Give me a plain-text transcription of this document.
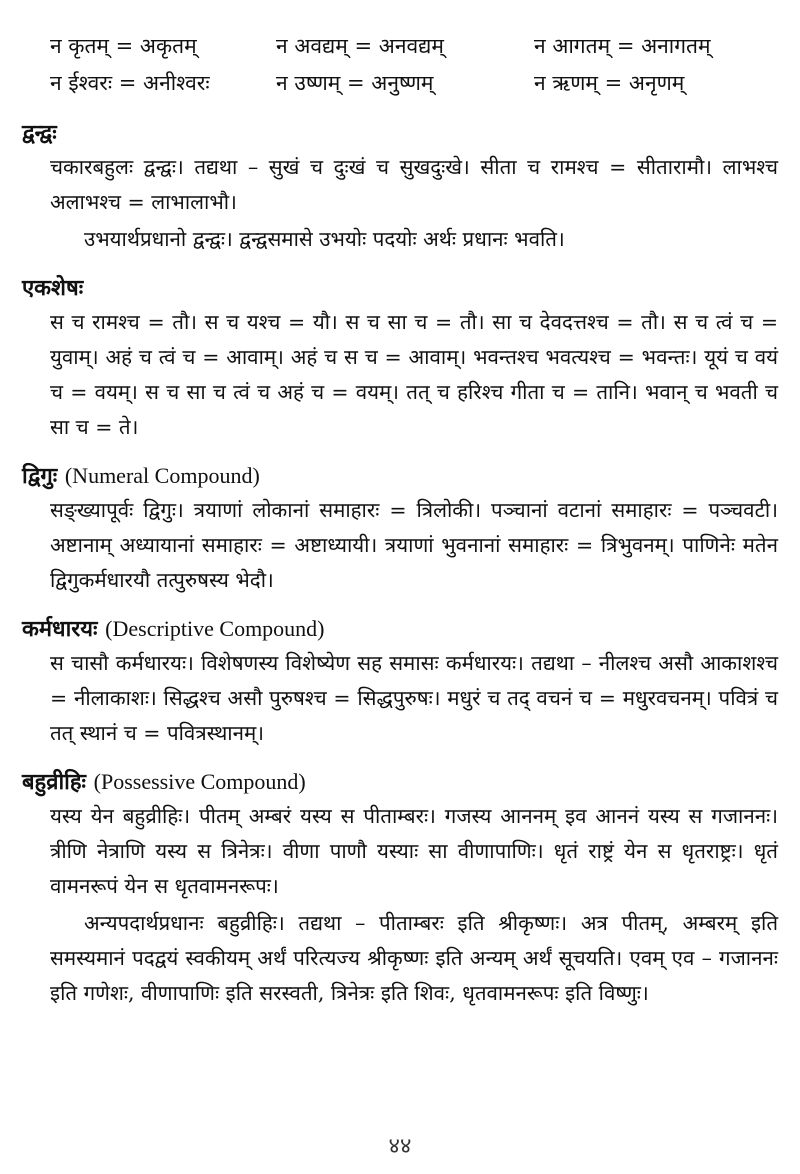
न कृतम् = अकृतम्	न अवद्यम् = अनवद्यम्	न आगतम् = अनागतम्
न ईश्वरः = अनीश्वरः	न उष्णम् = अनुष्णम्	न ऋणम् = अनृणम्
द्वन्द्वः

चकारबहुलः द्वन्द्वः। तद्यथा – सुखं च दुःखं च सुखदुःखे। सीता च रामश्च = सीतारामौ। लाभश्च अलाभश्च = लाभालाभौ।

उभयार्थप्रधानो द्वन्द्वः। द्वन्द्वसमासे उभयोः पदयोः अर्थः प्रधानः भवति।

एकशेषः

स च रामश्च = तौ। स च यश्च = यौ। स च सा च = तौ। सा च देवदत्तश्च = तौ। स च त्वं च = युवाम्। अहं च त्वं च = आवाम्। अहं च स च = आवाम्। भवन्तश्च भवत्यश्च = भवन्तः। यूयं च वयं च = वयम्। स च सा च त्वं च अहं च = वयम्। तत् च हरिश्च गीता च = तानि। भवान् च भवती च सा च = ते।

द्विगुः (Numeral Compound)

सङ्ख्यापूर्वः द्विगुः। त्रयाणां लोकानां समाहारः = त्रिलोकी। पञ्चानां वटानां समाहारः = पञ्चवटी। अष्टानाम् अध्यायानां समाहारः = अष्टाध्यायी। त्रयाणां भुवनानां समाहारः = त्रिभुवनम्। पाणिनेः मतेन द्विगुकर्मधारयौ तत्पुरुषस्य भेदौ।

कर्मधारयः (Descriptive Compound)

स चासौ कर्मधारयः। विशेषणस्य विशेष्येण सह समासः कर्मधारयः। तद्यथा – नीलश्च असौ आकाशश्च = नीलाकाशः। सिद्धश्च असौ पुरुषश्च = सिद्धपुरुषः। मधुरं च तद् वचनं च = मधुरवचनम्। पवित्रं च तत् स्थानं च = पवित्रस्थानम्।

बहुव्रीहिः (Possessive Compound)

यस्य येन बहुव्रीहिः। पीतम् अम्बरं यस्य स पीताम्बरः। गजस्य आननम् इव आननं यस्य स गजाननः। त्रीणि नेत्राणि यस्य स त्रिनेत्रः। वीणा पाणौ यस्याः सा वीणापाणिः। धृतं राष्ट्रं येन स धृतराष्ट्रः। धृतं वामनरूपं येन स धृतवामनरूपः।

अन्यपदार्थप्रधानः बहुव्रीहिः। तद्यथा – पीताम्बरः इति श्रीकृष्णः। अत्र पीतम्, अम्बरम् इति समस्यमानं पदद्वयं स्वकीयम् अर्थं परित्यज्य श्रीकृष्णः इति अन्यम् अर्थं सूचयति। एवम् एव – गजाननः इति गणेशः, वीणापाणिः इति सरस्वती, त्रिनेत्रः इति शिवः, धृतवामनरूपः इति विष्णुः।

४४
